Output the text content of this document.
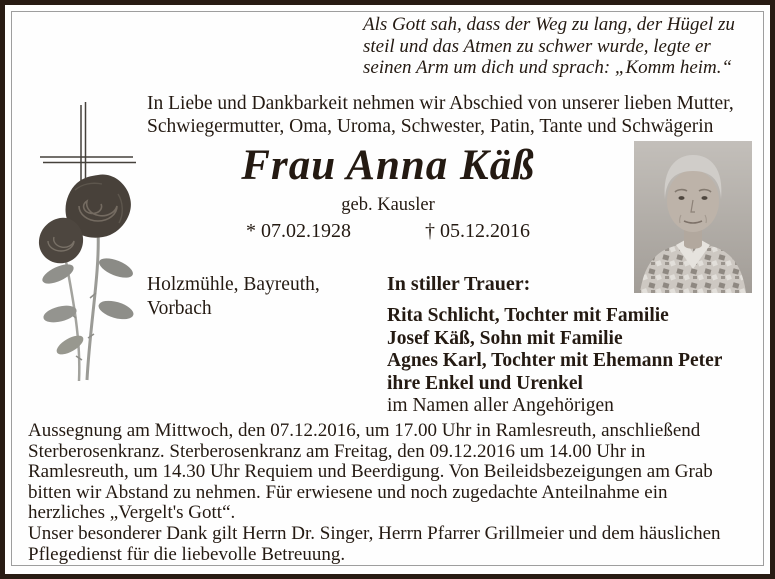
Als Gott sah, dass der Weg zu lang, der Hügel zu
steil und das Atmen zu schwer wurde, legte er
seinen Arm um dich und sprach: „Komm heim.“
In Liebe und Dankbarkeit nehmen wir Abschied von unserer lieben Mutter,
Schwiegermutter, Oma, Uroma, Schwester, Patin, Tante und Schwägerin
Frau Anna Käß
geb. Kausler
* 07.02.1928	† 05.12.2016
Holzmühle, Bayreuth,
Vorbach
In stiller Trauer:
Rita Schlicht, Tochter mit Familie
Josef Käß, Sohn mit Familie
Agnes Karl, Tochter mit Ehemann Peter
ihre Enkel und Urenkel
im Namen aller Angehörigen
Aussegnung am Mittwoch, den 07.12.2016, um 17.00 Uhr in Ramlesreuth, anschließend
Sterberosenkranz. Sterberosenkranz am Freitag, den 09.12.2016 um 14.00 Uhr in
Ramlesreuth, um 14.30 Uhr Requiem und Beerdigung. Von Beileidsbezeigungen am Grab
bitten wir Abstand zu nehmen. Für erwiesene und noch zugedachte Anteilnahme ein
herzliches „Vergelt's Gott“.
Unser besonderer Dank gilt Herrn Dr. Singer, Herrn Pfarrer Grillmeier und dem häuslichen
Pflegedienst für die liebevolle Betreuung.
